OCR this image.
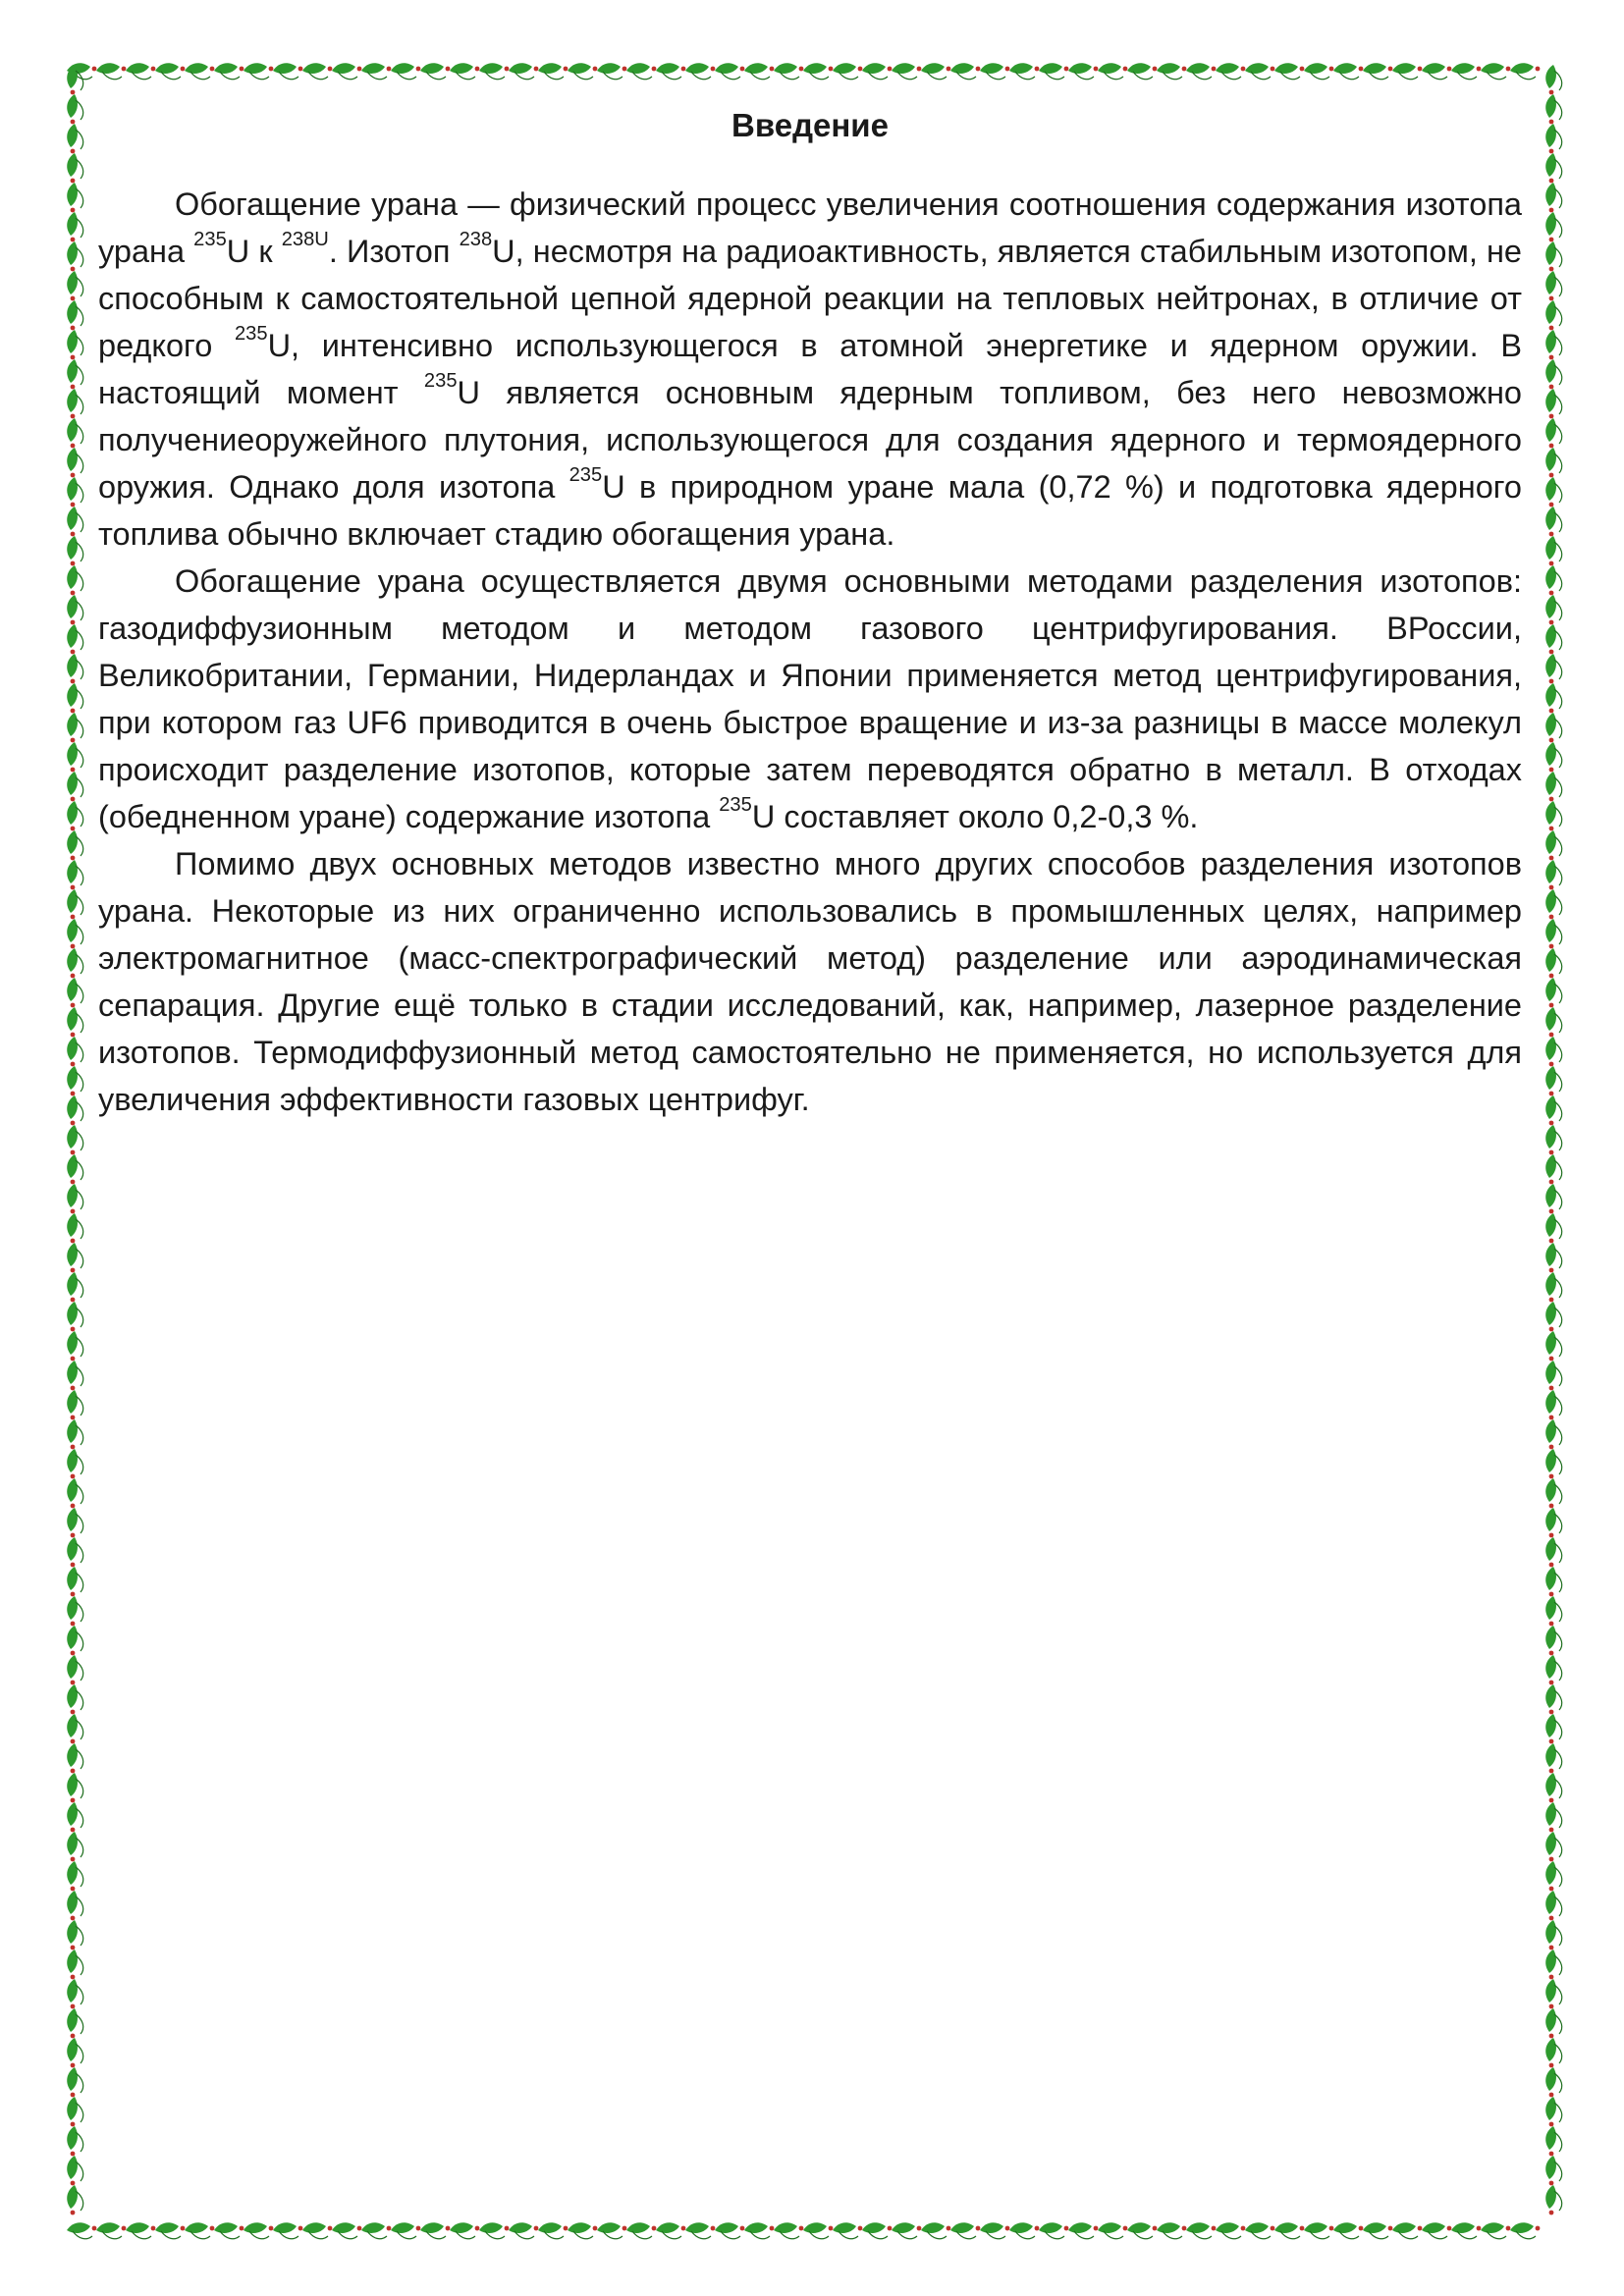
Введение

Обогащение урана — физический процесс увеличения соотношения содержания изотопа урана $^{235}$U к $^{238U}$. Изотоп $^{238}$U, несмотря на радиоактивность, является стабильным изотопом, не способным к самостоятельной цепной ядерной реакции на тепловых нейтронах, в отличие от редкого $^{235}$U, интенсивно использующегося в атомной энергетике и ядерном оружии. В настоящий момент $^{235}$U является основным ядерным топливом, без него невозможно получениеоружейного плутония, использующегося для создания ядерного и термоядерного оружия. Однако доля изотопа $^{235}$U в природном уране мала (0,72 %) и подготовка ядерного топлива обычно включает стадию обогащения урана.

Обогащение урана осуществляется двумя основными методами разделения изотопов: газодиффузионным методом и методом газового центрифугирования. ВРоссии, Великобритании, Германии, Нидерландах и Японии применяется метод центрифугирования, при котором газ UF6 приводится в очень быстрое вращение и из-за разницы в массе молекул происходит разделение изотопов, которые затем переводятся обратно в металл. В отходах (обедненном уране) содержание изотопа $^{235}$U составляет около 0,2-0,3 %.

Помимо двух основных методов известно много других способов разделения изотопов урана. Некоторые из них ограниченно использовались в промышленных целях, например электромагнитное (масс-спектрографический метод) разделение или аэродинамическая сепарация. Другие ещё только в стадии исследований, как, например, лазерное разделение изотопов. Термодиффузионный метод самостоятельно не применяется, но используется для увеличения эффективности газовых центрифуг.
